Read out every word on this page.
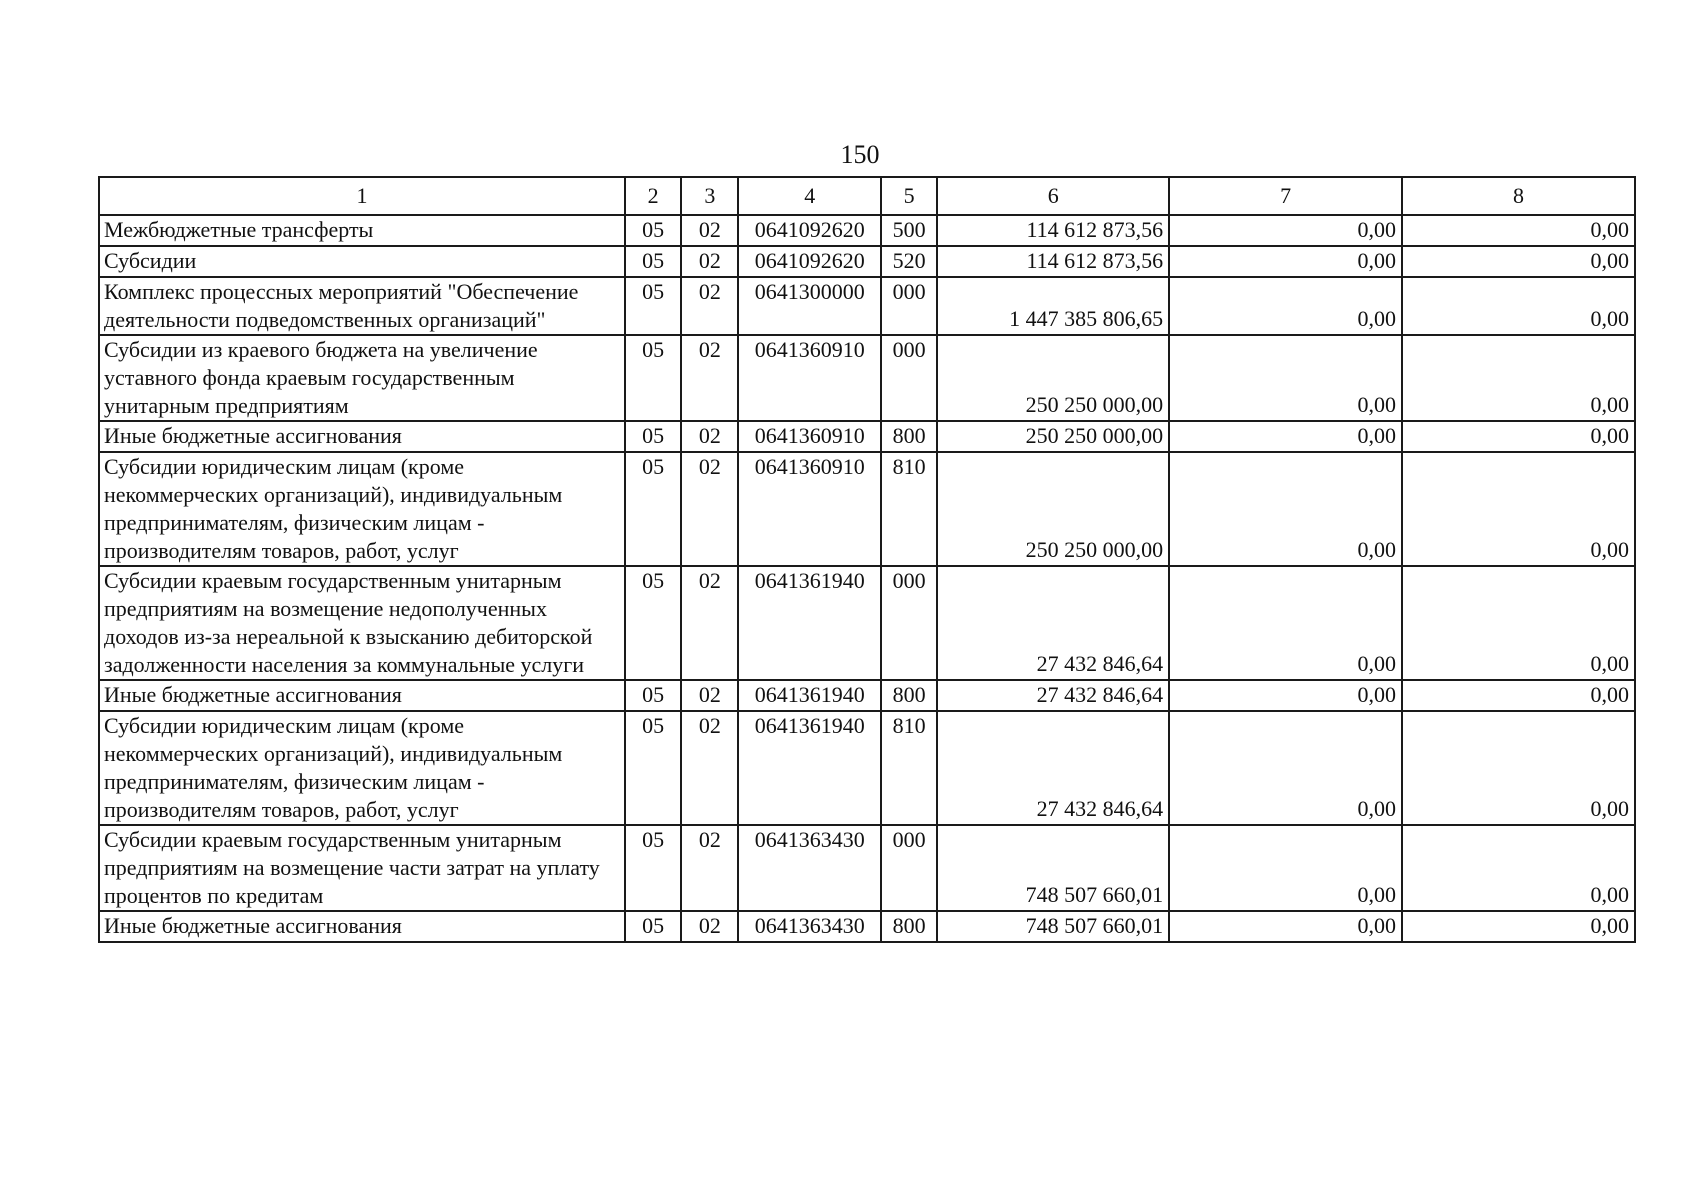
150
1	2	3	4	5	6	7	8
Межбюджетные трансферты	05	02	0641092620	500	114 612 873,56	0,00	0,00
Субсидии	05	02	0641092620	520	114 612 873,56	0,00	0,00
Комплекс процессных мероприятий "Обеспечение деятельности подведомственных организаций"	05	02	0641300000	000	1 447 385 806,65	0,00	0,00
Субсидии из краевого бюджета на увеличение уставного фонда краевым государственным унитарным предприятиям	05	02	0641360910	000	250 250 000,00	0,00	0,00
Иные бюджетные ассигнования	05	02	0641360910	800	250 250 000,00	0,00	0,00
Субсидии юридическим лицам (кроме некоммерческих организаций), индивидуальным предпринимателям, физическим лицам - производителям товаров, работ, услуг	05	02	0641360910	810	250 250 000,00	0,00	0,00
Субсидии краевым государственным унитарным предприятиям на возмещение недополученных доходов из-за нереальной к взысканию дебиторской задолженности населения за коммунальные услуги	05	02	0641361940	000	27 432 846,64	0,00	0,00
Иные бюджетные ассигнования	05	02	0641361940	800	27 432 846,64	0,00	0,00
Субсидии юридическим лицам (кроме некоммерческих организаций), индивидуальным предпринимателям, физическим лицам - производителям товаров, работ, услуг	05	02	0641361940	810	27 432 846,64	0,00	0,00
Субсидии краевым государственным унитарным предприятиям на возмещение части затрат на уплату процентов по кредитам	05	02	0641363430	000	748 507 660,01	0,00	0,00
Иные бюджетные ассигнования	05	02	0641363430	800	748 507 660,01	0,00	0,00
